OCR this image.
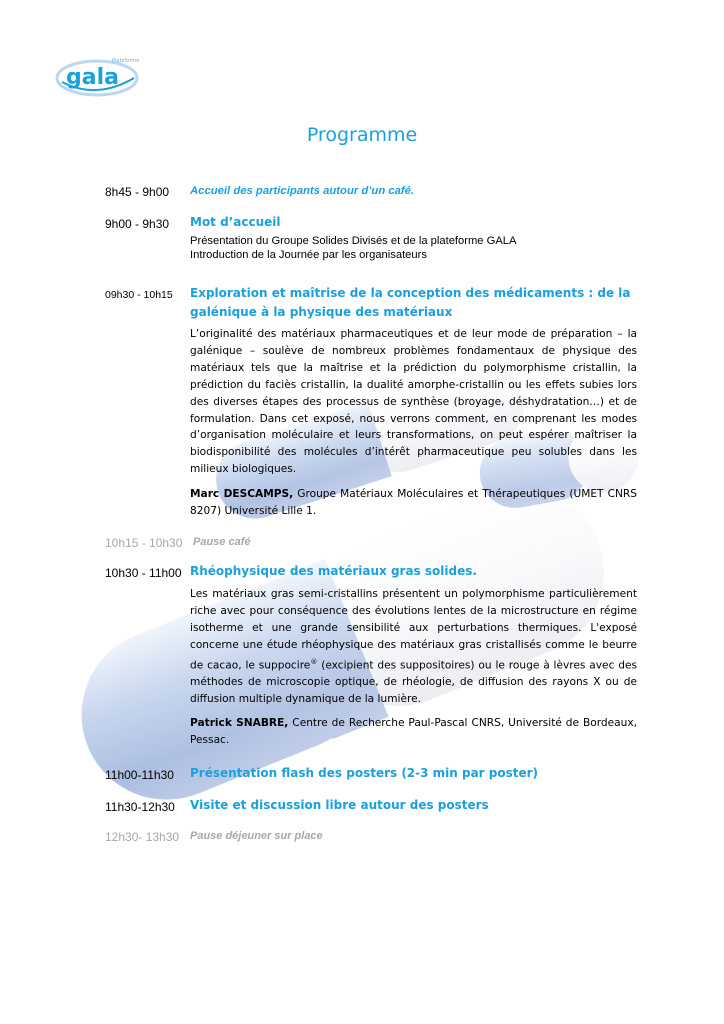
gala
Plateforme
Programme
8h45 - 9h00 Accueil des participants autour d’un café.
9h00 - 9h30 Mot d’accueil
Présentation du Groupe Solides Divisés et de la plateforme GALA
Introduction de la Journée par les organisateurs
09h30 - 10h15 Exploration et maîtrise de la conception des médicaments : de la galénique à la physique des matériaux
L’originalité des matériaux pharmaceutiques et de leur mode de préparation – la galénique – soulève de nombreux problèmes fondamentaux de physique des matériaux tels que la maîtrise et la prédiction du polymorphisme cristallin, la prédiction du faciès cristallin, la dualité amorphe-cristallin ou les effets subies lors des diverses étapes des processus de synthèse (broyage, déshydratation…) et de formulation. Dans cet exposé, nous verrons comment, en comprenant les modes d’organisation moléculaire et leurs transformations, on peut espérer maîtriser la biodisponibilité des molécules d’intérêt pharmaceutique peu solubles dans les milieux biologiques.
Marc DESCAMPS, Groupe Matériaux Moléculaires et Thérapeutiques (UMET CNRS 8207) Université Lille 1.
10h15 - 10h30 Pause café
10h30 - 11h00 Rhéophysique des matériaux gras solides.
Les matériaux gras semi-cristallins présentent un polymorphisme particulièrement riche avec pour conséquence des évolutions lentes de la microstructure en régime isotherme et une grande sensibilité aux perturbations thermiques. L'exposé concerne une étude rhéophysique des matériaux gras cristallisés comme le beurre de cacao, le suppocire® (excipient des suppositoires) ou le rouge à lèvres avec des méthodes de microscopie optique, de rhéologie, de diffusion des rayons X ou de diffusion multiple dynamique de la lumière.
Patrick SNABRE, Centre de Recherche Paul-Pascal CNRS, Université de Bordeaux, Pessac.
11h00-11h30 Présentation flash des posters (2-3 min par poster)
11h30-12h30 Visite et discussion libre autour des posters
12h30- 13h30 Pause déjeuner sur place
